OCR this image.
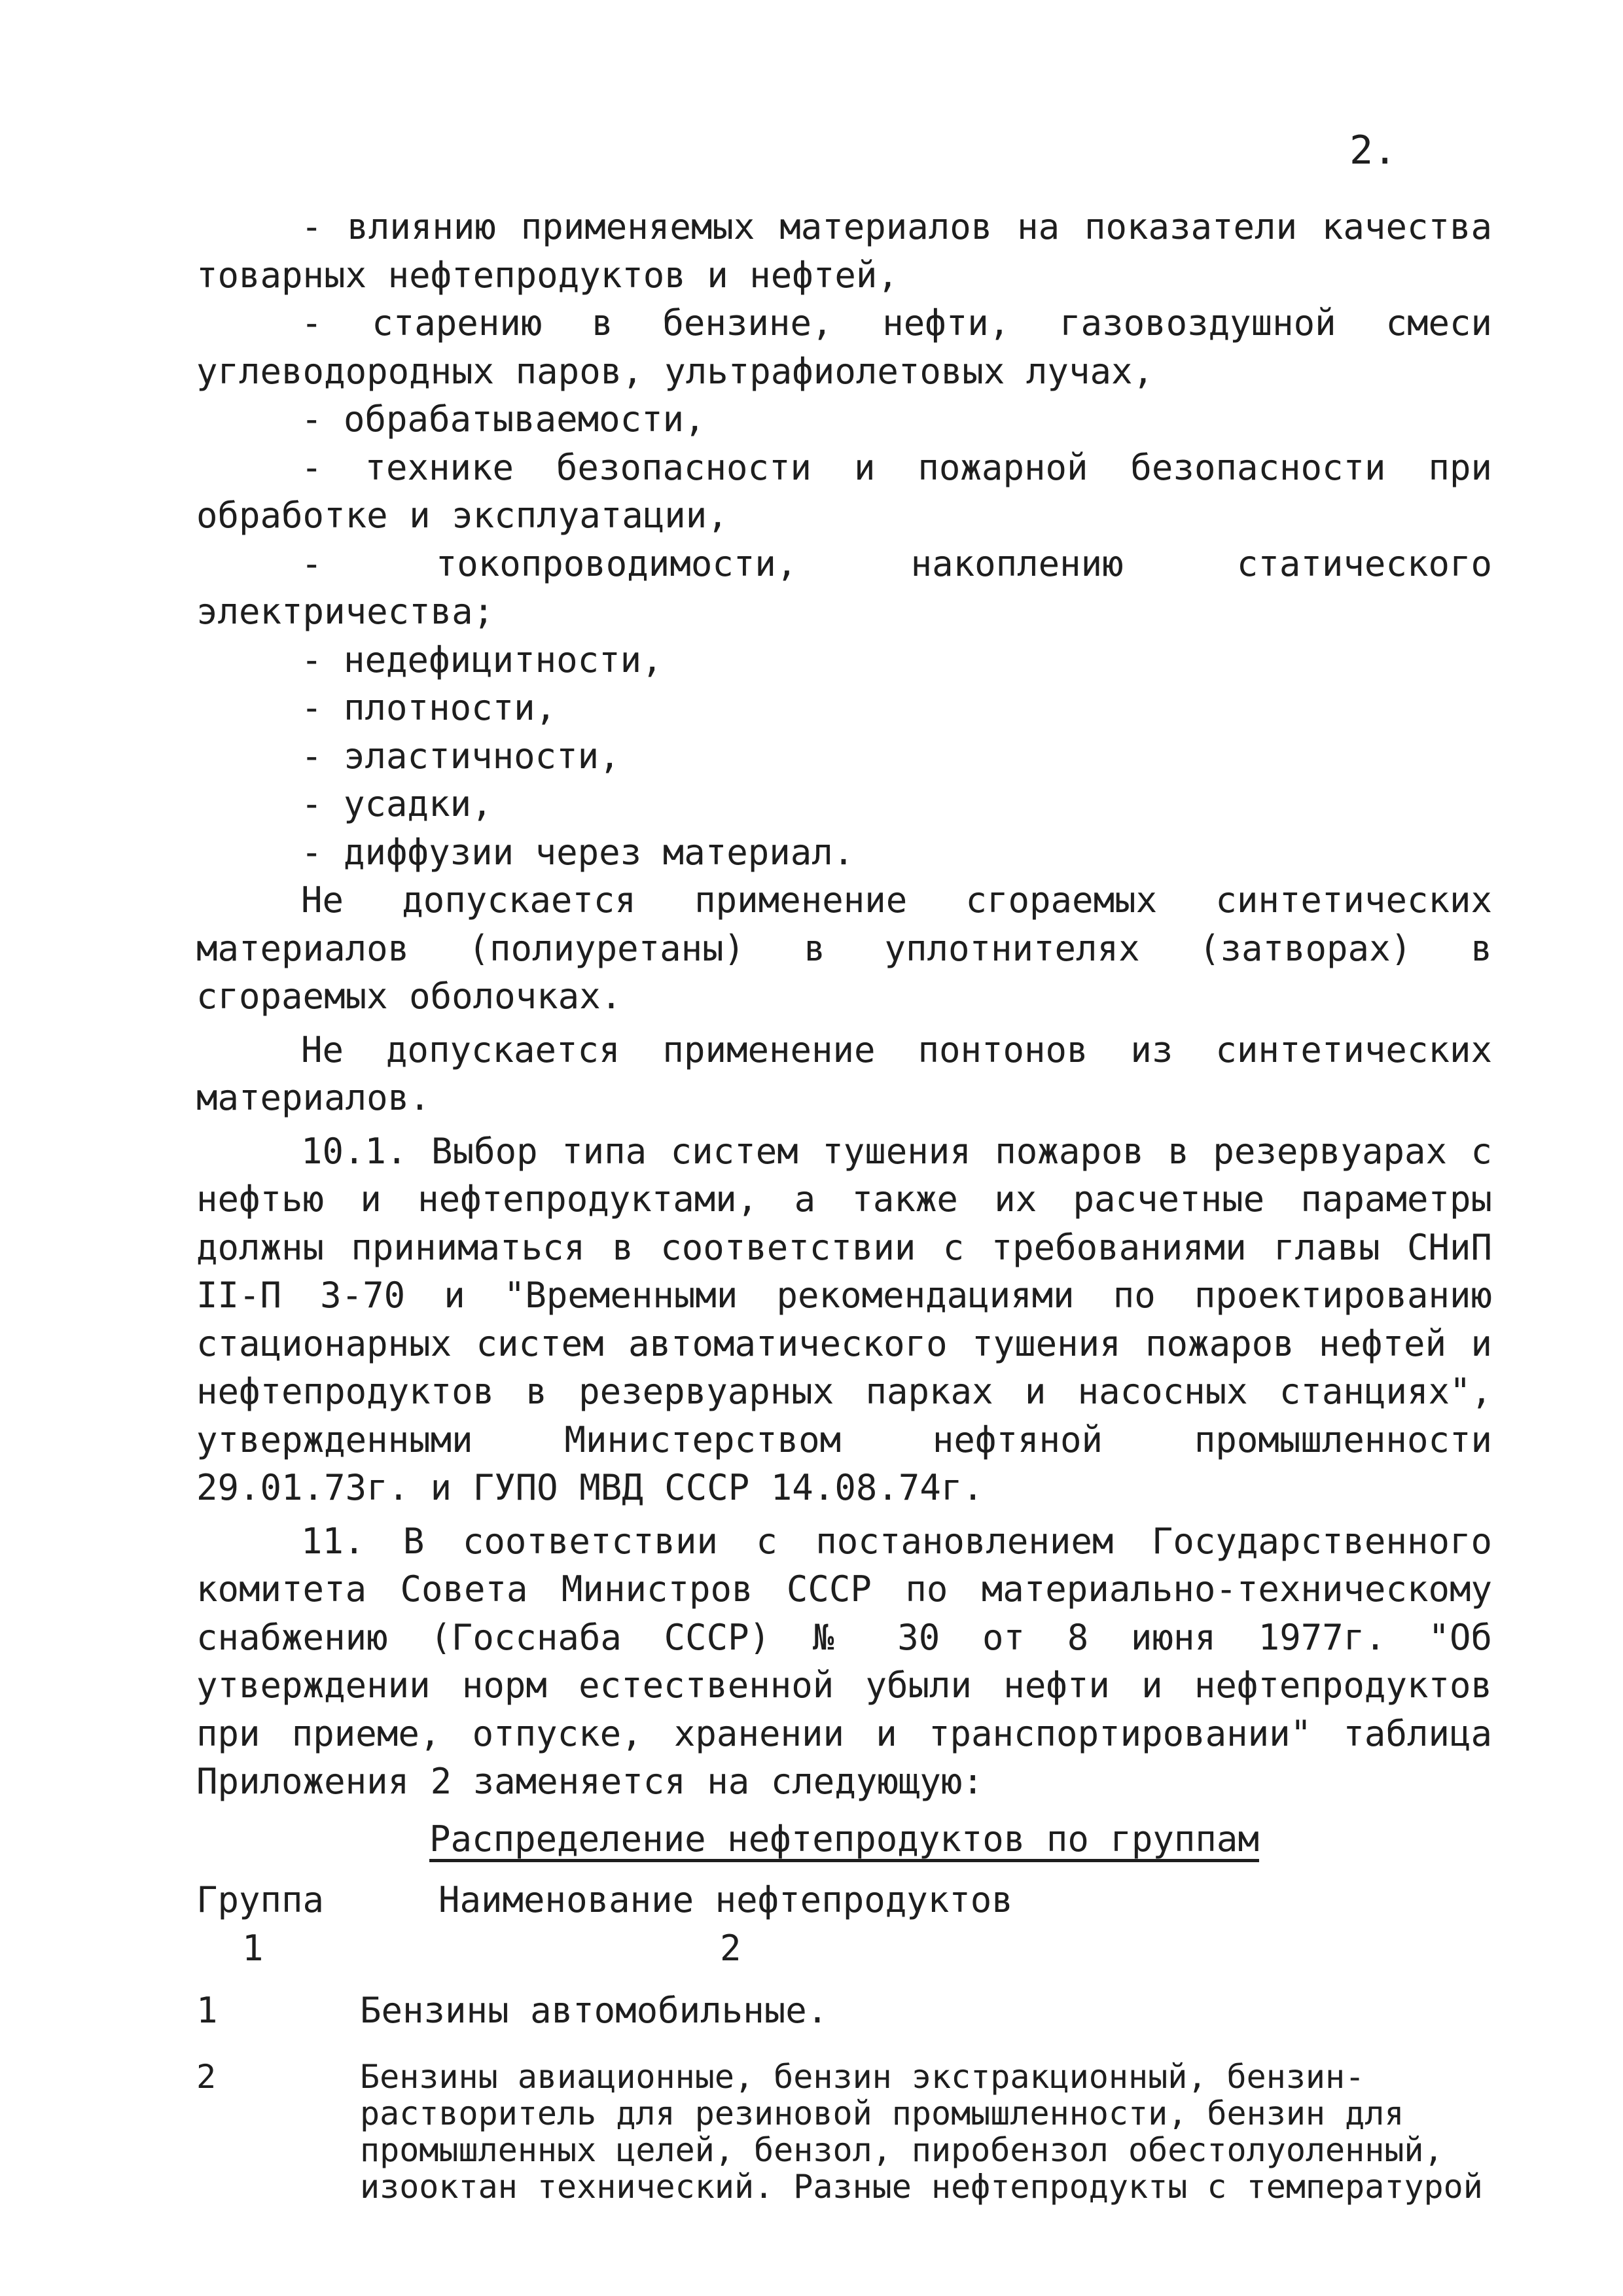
2.

- влиянию применяемых материалов на показатели качества товарных нефтепродуктов и нефтей,

- старению в бензине, нефти, газовоздушной смеси углеводородных паров, ультрафиолетовых лучах,

- обрабатываемости,

- технике безопасности и пожарной безопасности при обработке и эксплуатации,

- токопроводимости, накоплению статического электричества;

- недефицитности,

- плотности,

- эластичности,

- усадки,

- диффузии через материал.

Не допускается применение сгораемых синтетических материалов (полиуретаны) в уплотнителях (затворах) в сгораемых оболочках.

Не допускается применение понтонов из синтетических материалов.

10.1. Выбор типа систем тушения пожаров в резервуарах с нефтью и нефтепродуктами, а также их расчетные параметры должны приниматься в соответствии с требованиями главы СНиП II-П 3-70 и "Временными рекомендациями по проектированию стационарных систем автоматического тушения пожаров нефтей и нефтепродуктов в резервуарных парках и насосных станциях", утвержденными Министерством нефтяной промышленности 29.01.73г. и ГУПО МВД СССР 14.08.74г.

11. В соответствии с постановлением Государственного комитета Совета Министров СССР по материально-техническому снабжению (Госснаба СССР) № 30 от 8 июня 1977г. "Об утверждении норм естественной убыли нефти и нефтепродуктов при приеме, отпуске, хранении и транспортировании" таблица Приложения 2 заменяется на следующую:

Распределение нефтепродуктов по группам

Группа	Наименование нефтепродуктов
1	2
1	Бензины автомобильные.
2	Бензины авиационные, бензин экстракционный, бензин-растворитель для резиновой промышленности, бензин для промышленных целей, бензол, пиробензол обестолуоленный, изооктан технический. Разные нефтепродукты с температурой
